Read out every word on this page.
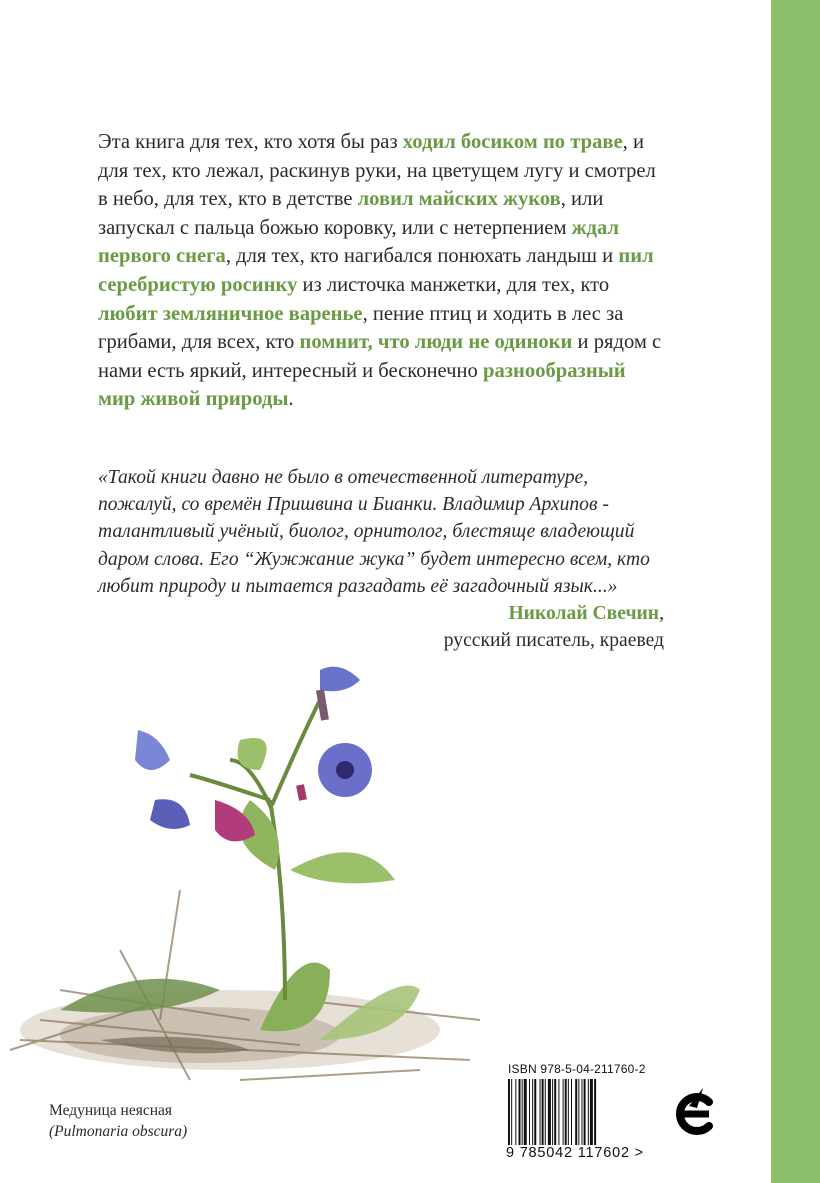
Эта книга для тех, кто хотя бы раз ходил босиком по траве, и для тех, кто лежал, раскинув руки, на цветущем лугу и смотрел в небо, для тех, кто в детстве ловил майских жуков, или запускал с пальца божью коровку, или с нетерпением ждал первого снега, для тех, кто нагибался понюхать ландыш и пил серебристую росинку из листочка манжетки, для тех, кто любит земляничное варенье, пение птиц и ходить в лес за грибами, для всех, кто помнит, что люди не одиноки и рядом с нами есть яркий, интересный и бесконечно разнообразный мир живой природы.
«Такой книги давно не было в отечественной литературе, пожалуй, со времён Пришвина и Бианки. Владимир Архипов - талантливый учёный, биолог, орнитолог, блестяще владеющий даром слова. Его “Жужжание жука” будет интересно всем, кто любит природу и пытается разгадать её загадочный язык...»
Николай Свечин,
русский писатель, краевед
Медуница неясная
(Pulmonaria obscura)
ISBN 978-5-04-211760-2
9 785042 117602 >
